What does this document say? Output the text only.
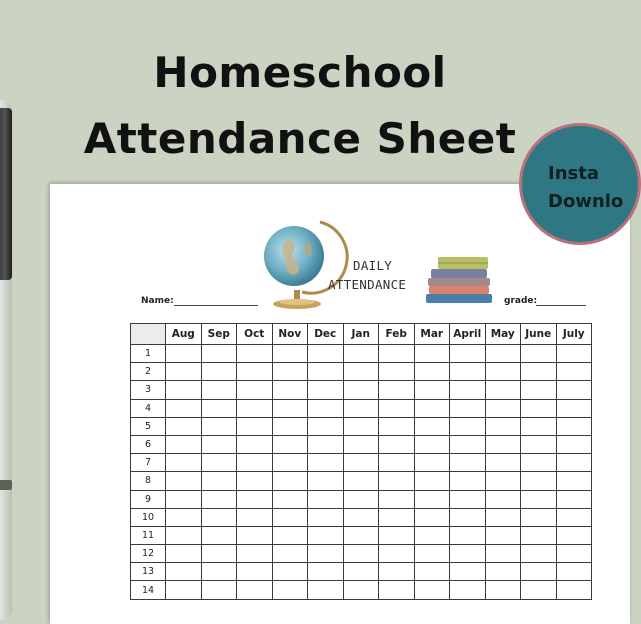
Homeschool
Attendance Sheet
DAILY
ATTENDANCE
Name:	grade:
	Aug	Sep	Oct	Nov	Dec	Jan	Feb	Mar	April	May	June	July
1												
2												
3												
4												
5												
6												
7												
8												
9												
10												
11												
12												
13												
14												
Insta
Downlo
